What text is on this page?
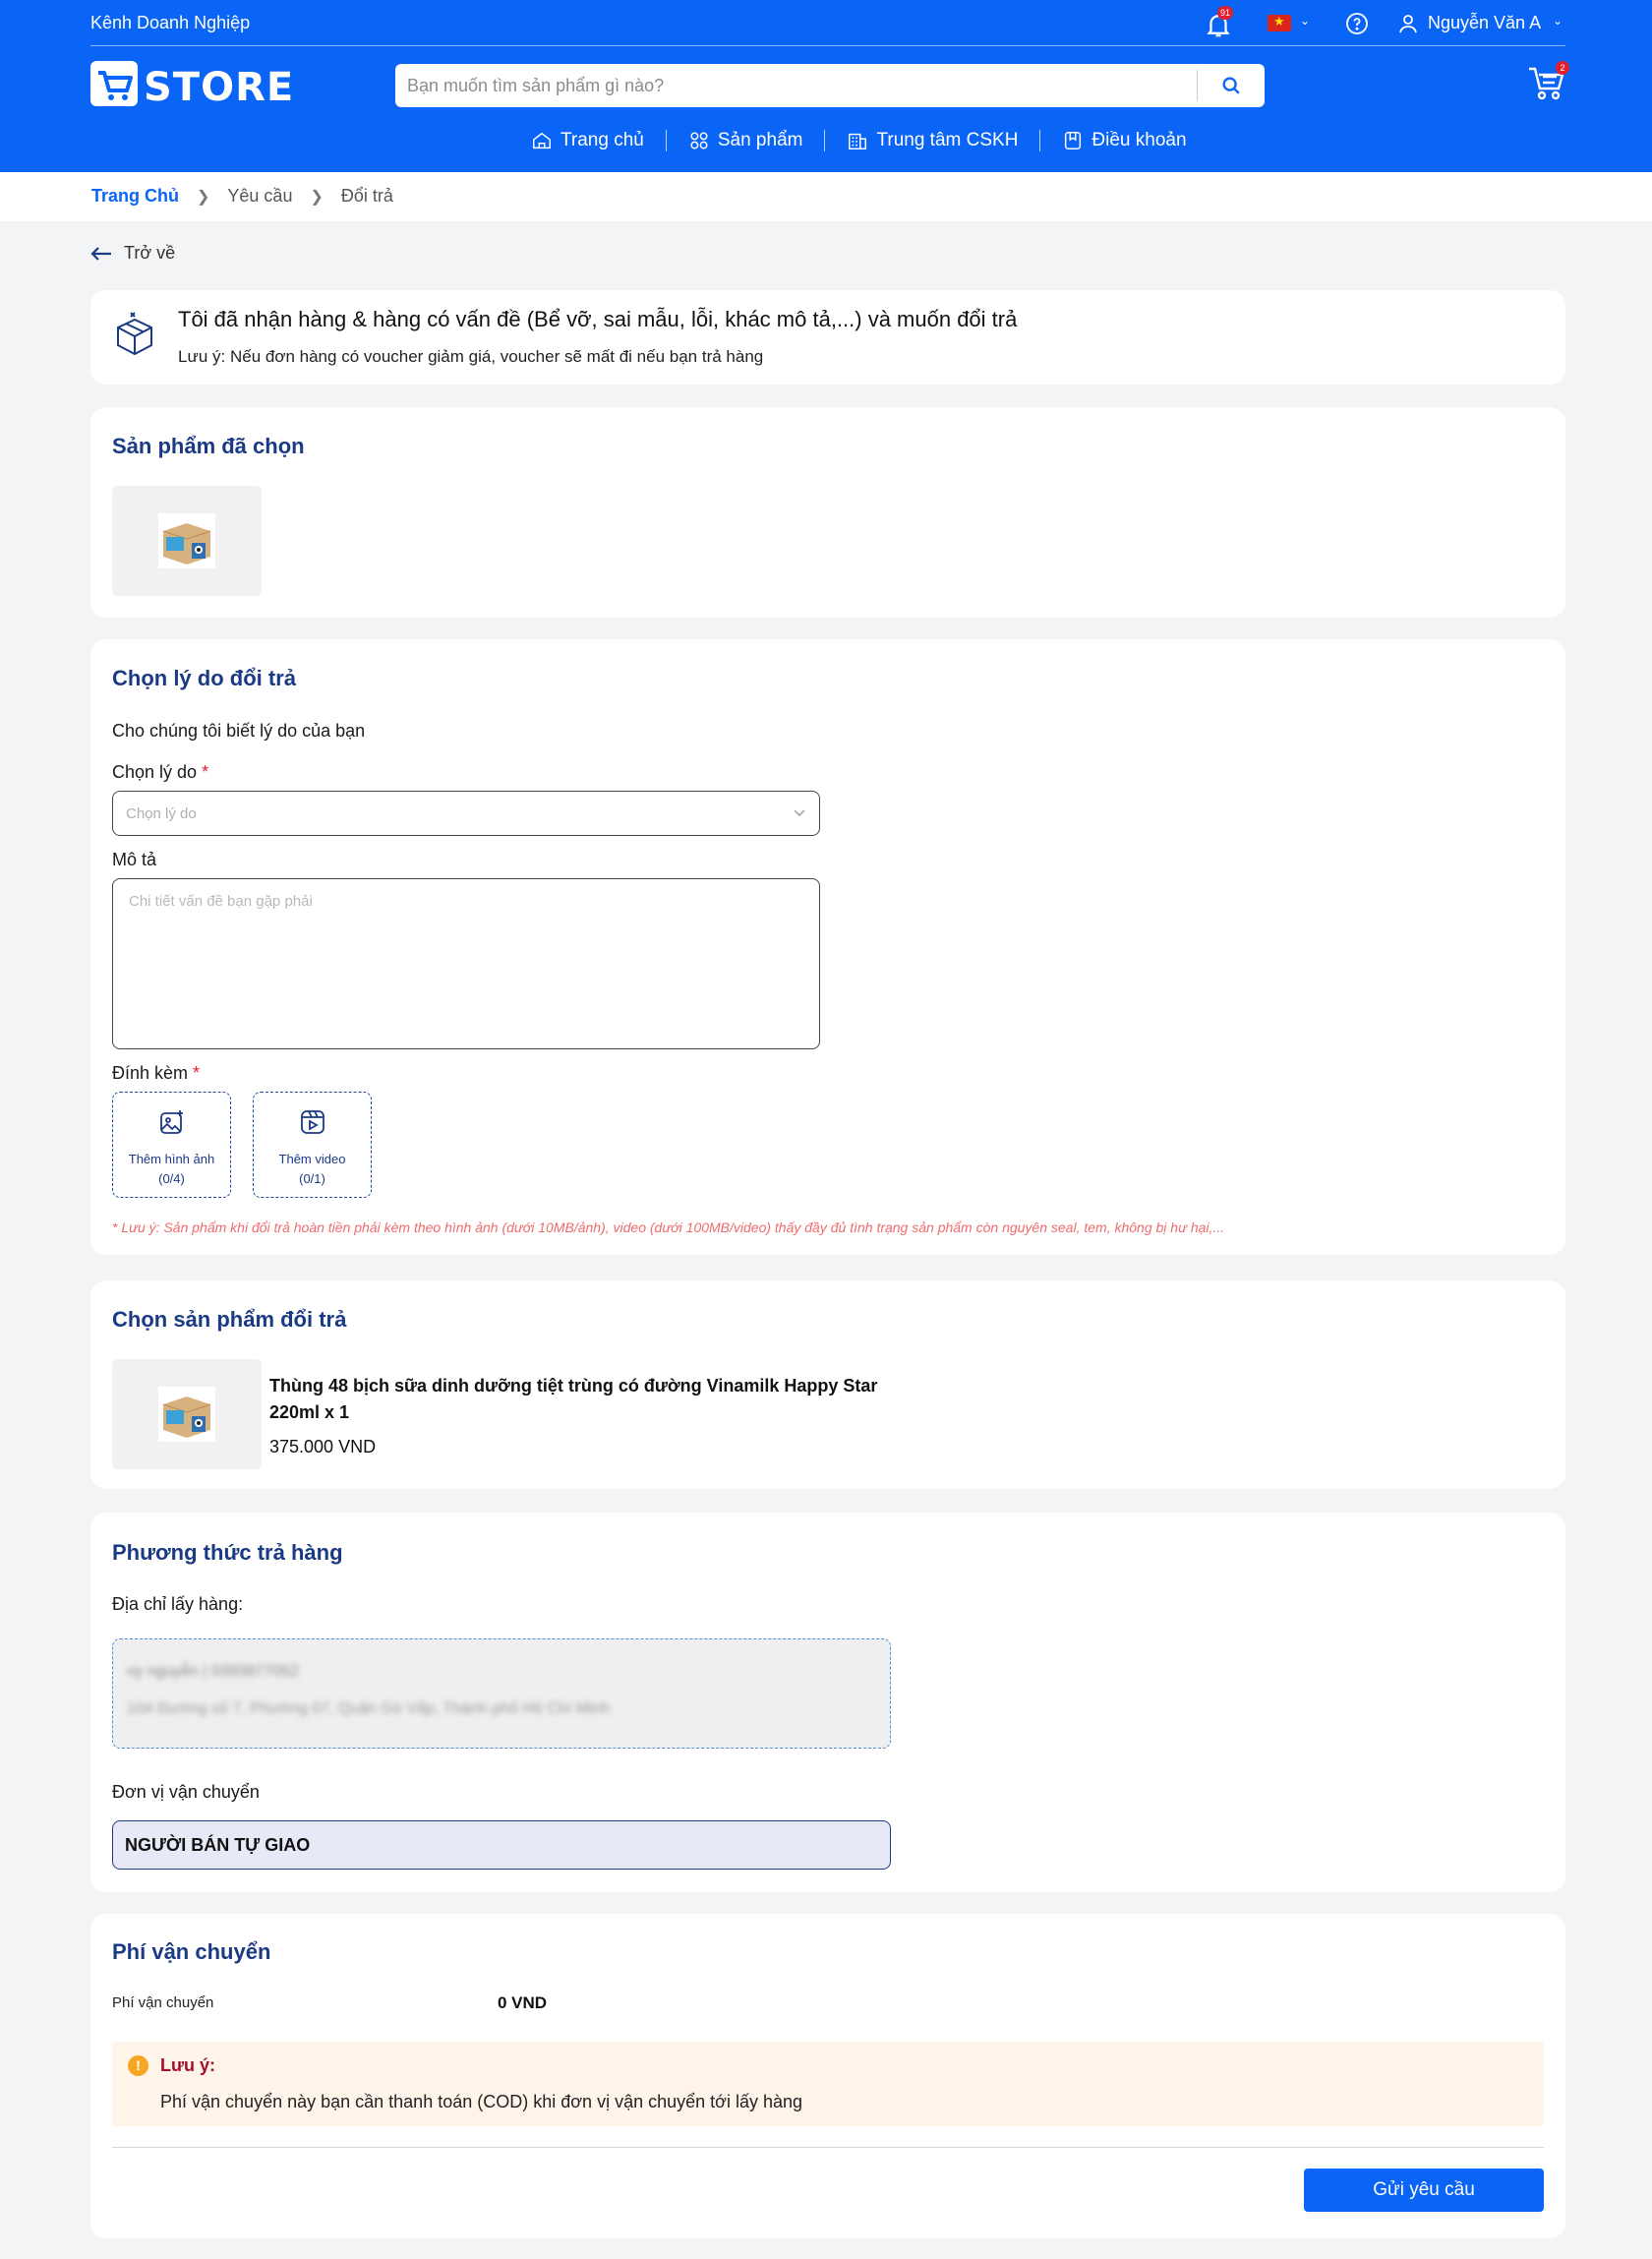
Kênh Doanh Nghiệp	91
★
⌄	Nguyễn Văn A ⌄
STORE
Bạn muốn tìm sản phẩm gì nào?	2
Trang chủ	Sản phẩm	Trung tâm CSKH	Điều khoản
Trang Chủ ❯ Yêu cầu ❯ Đổi trả
Trở về
Tôi đã nhận hàng & hàng có vấn đề (Bể vỡ, sai mẫu, lỗi, khác mô tả,...) và muốn đổi trả
Lưu ý: Nếu đơn hàng có voucher giảm giá, voucher sẽ mất đi nếu bạn trả hàng
Sản phẩm đã chọn
Chọn lý do đổi trả
Cho chúng tôi biết lý do của bạn
Chọn lý do *
Chọn lý do
Mô tả
Chi tiết vấn đề bạn gặp phải
Đính kèm *
Thêm hình ảnh
(0/4)
Thêm video
(0/1)
* Lưu ý: Sản phẩm khi đổi trả hoàn tiền phải kèm theo hình ảnh (dưới 10MB/ảnh), video (dưới 100MB/video) thấy đầy đủ tình trạng sản phẩm còn nguyên seal, tem, không bị hư hại,...
Chọn sản phẩm đổi trả
Thùng 48 bịch sữa dinh dưỡng tiệt trùng có đường Vinamilk Happy Star 220ml x 1
375.000 VND
Phương thức trả hàng
Địa chỉ lấy hàng:
vy nguyễn | 0393877052
104 Đường số 7, Phường 07, Quận Gò Vấp, Thành phố Hồ Chí Minh
Đơn vị vận chuyển
NGƯỜI BÁN TỰ GIAO
Phí vận chuyển
Phí vận chuyển	0 VND
!	Lưu ý:
Phí vận chuyển này bạn cần thanh toán (COD) khi đơn vị vận chuyển tới lấy hàng
Gửi yêu cầu
